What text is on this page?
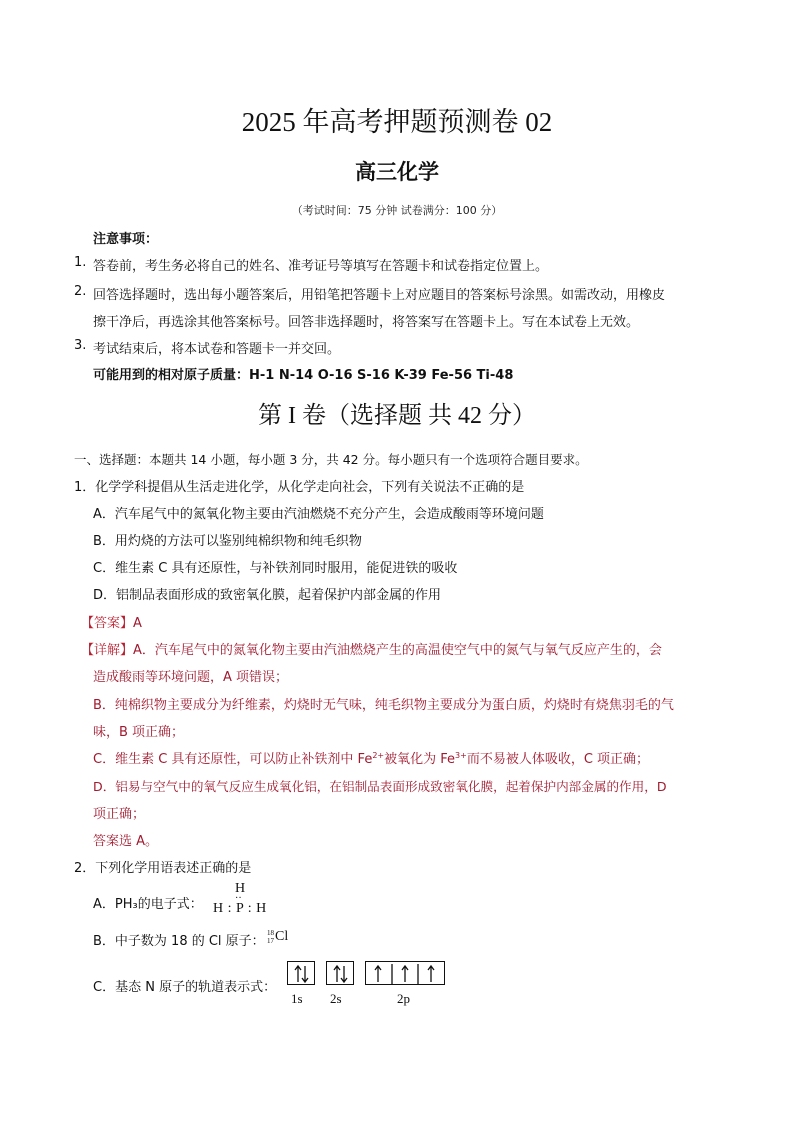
2025 年高考押题预测卷 02
高三化学
（考试时间：75 分钟 试卷满分：100 分）
注意事项：
1. 答卷前，考生务必将自己的姓名、准考证号等填写在答题卡和试卷指定位置上。
2. 回答选择题时，选出每小题答案后，用铅笔把答题卡上对应题目的答案标号涂黑。如需改动，用橡皮
擦干净后，再选涂其他答案标号。回答非选择题时，将答案写在答题卡上。写在本试卷上无效。
3. 考试结束后，将本试卷和答题卡一并交回。
可能用到的相对原子质量：H-1 N-14 O-16 S-16 K-39 Fe-56 Ti-48
第 I 卷（选择题 共 42 分）
一、选择题：本题共 14 小题，每小题 3 分，共 42 分。每小题只有一个选项符合题目要求。
1．化学学科提倡从生活走进化学，从化学走向社会，下列有关说法不正确的是
A．汽车尾气中的氮氧化物主要由汽油燃烧不充分产生，会造成酸雨等环境问题
B．用灼烧的方法可以鉴别纯棉织物和纯毛织物
C．维生素 C 具有还原性，与补铁剂同时服用，能促进铁的吸收
D．铝制品表面形成的致密氧化膜，起着保护内部金属的作用
【答案】A
【详解】A．汽车尾气中的氮氧化物主要由汽油燃烧产生的高温使空气中的氮气与氧气反应产生的，会
造成酸雨等环境问题，A 项错误；
B．纯棉织物主要成分为纤维素，灼烧时无气味，纯毛织物主要成分为蛋白质，灼烧时有烧焦羽毛的气
味，B 项正确；
C．维生素 C 具有还原性，可以防止补铁剂中 $Fe^{2+}$被氧化为 $Fe^{3+}$而不易被人体吸收，C 项正确；
D．铝易与空气中的氧气反应生成氧化铝，在铝制品表面形成致密氧化膜，起着保护内部金属的作用，D
项正确；
答案选 A。
2．下列化学用语表述正确的是
A．PH₃的电子式：
H
··
H : P : H
B．中子数为 18 的 Cl 原子：
18
17 Cl
C．基态 N 原子的轨道表示式：
1s 2s	2p
